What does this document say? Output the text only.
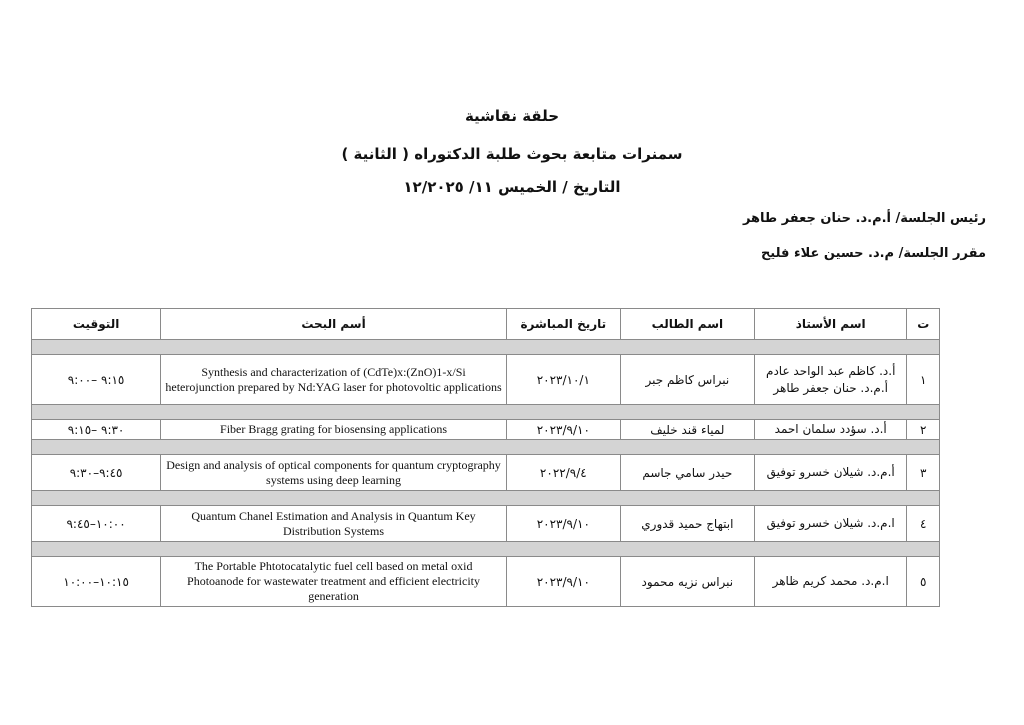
حلقة نقاشية
سمنرات متابعة بحوث طلبة الدكتوراه ( الثانية )
التاريخ / الخميس ١١/ ١٢/٢٠٢٥
رئيس الجلسة/ أ.م.د. حنان جعفر طاهر
مقرر الجلسة/ م.د. حسين علاء فليح
ت	اسم الأستاذ	اسم الطالب	تاريخ المباشرة	أسم البحث	التوقيت

١	أ.د. كاظم عبد الواحد عادم
أ.م.د. حنان جعفر طاهر	نبراس كاظم جبر	٢٠٢٣/١٠/١	Synthesis and characterization of (CdTe)x:(ZnO)1-x/Si heterojunction prepared by Nd:YAG laser for photovoltic applications	٩:١٥ –٩:٠٠

٢	أ.د. سؤدد سلمان احمد	لمياء قند خليف	٢٠٢٣/٩/١٠	Fiber Bragg grating for biosensing applications	٩:٣٠ –٩:١٥

٣	أ.م.د. شيلان خسرو توفيق	حيدر سامي جاسم	٢٠٢٢/٩/٤	Design and analysis of optical components for quantum cryptography systems using deep learning	٩:٤٥–٩:٣٠

٤	ا.م.د. شيلان خسرو توفيق	ابتهاج حميد قدوري	٢٠٢٣/٩/١٠	Quantum Chanel Estimation and Analysis in Quantum Key Distribution Systems	١٠:٠٠–٩:٤٥

٥	ا.م.د. محمد كريم ظاهر	نبراس نزيه محمود	٢٠٢٣/٩/١٠	The Portable Phtotocatalytic fuel cell based on metal oxid Photoanode for wastewater treatment and efficient electricity generation	١٠:١٥–١٠:٠٠
